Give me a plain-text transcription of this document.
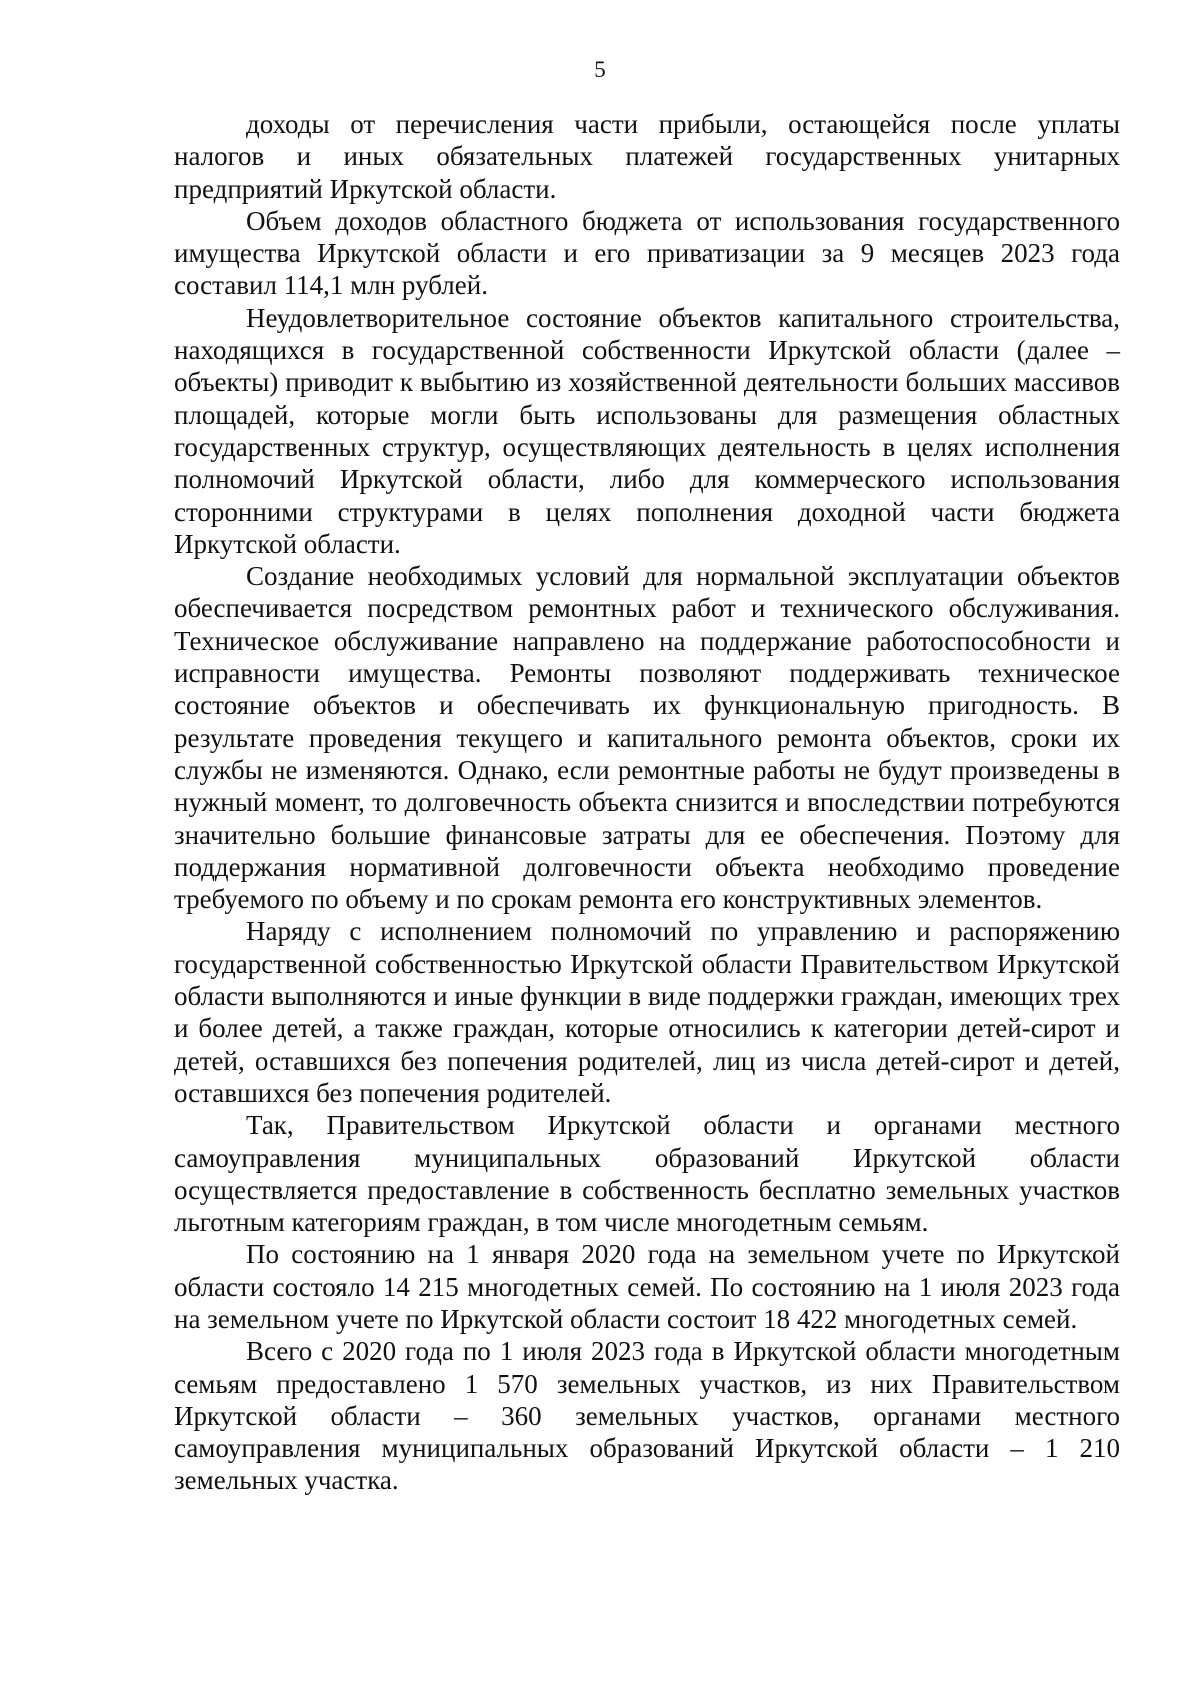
5

доходы от перечисления части прибыли, остающейся после уплаты налогов и иных обязательных платежей государственных унитарных предприятий Иркутской области.

Объем доходов областного бюджета от использования государственного имущества Иркутской области и его приватизации за 9 месяцев 2023 года составил 114,1 млн рублей.

Неудовлетворительное состояние объектов капитального строительства, находящихся в государственной собственности Иркутской области (далее – объекты) приводит к выбытию из хозяйственной деятельности больших массивов площадей, которые могли быть использованы для размещения областных государственных структур, осуществляющих деятельность в целях исполнения полномочий Иркутской области, либо для коммерческого использования сторонними структурами в целях пополнения доходной части бюджета Иркутской области.

Создание необходимых условий для нормальной эксплуатации объектов обеспечивается посредством ремонтных работ и технического обслуживания. Техническое обслуживание направлено на поддержание работоспособности и исправности имущества. Ремонты позволяют поддерживать техническое состояние объектов и обеспечивать их функциональную пригодность. В результате проведения текущего и капитального ремонта объектов, сроки их службы не изменяются. Однако, если ремонтные работы не будут произведены в нужный момент, то долговечность объекта снизится и впоследствии потребуются значительно большие финансовые затраты для ее обеспечения. Поэтому для поддержания нормативной долговечности объекта необходимо проведение требуемого по объему и по срокам ремонта его конструктивных элементов.

Наряду с исполнением полномочий по управлению и распоряжению государственной собственностью Иркутской области Правительством Иркутской области выполняются и иные функции в виде поддержки граждан, имеющих трех и более детей, а также граждан, которые относились к категории детей-сирот и детей, оставшихся без попечения родителей, лиц из числа детей-сирот и детей, оставшихся без попечения родителей.

Так, Правительством Иркутской области и органами местного самоуправления муниципальных образований Иркутской области осуществляется предоставление в собственность бесплатно земельных участков льготным категориям граждан, в том числе многодетным семьям.

По состоянию на 1 января 2020 года на земельном учете по Иркутской области состояло 14 215 многодетных семей. По состоянию на 1 июля 2023 года на земельном учете по Иркутской области состоит 18 422 многодетных семей.

Всего с 2020 года по 1 июля 2023 года в Иркутской области многодетным семьям предоставлено 1 570 земельных участков, из них Правительством Иркутской области – 360 земельных участков, органами местного самоуправления муниципальных образований Иркутской области – 1 210 земельных участка.
